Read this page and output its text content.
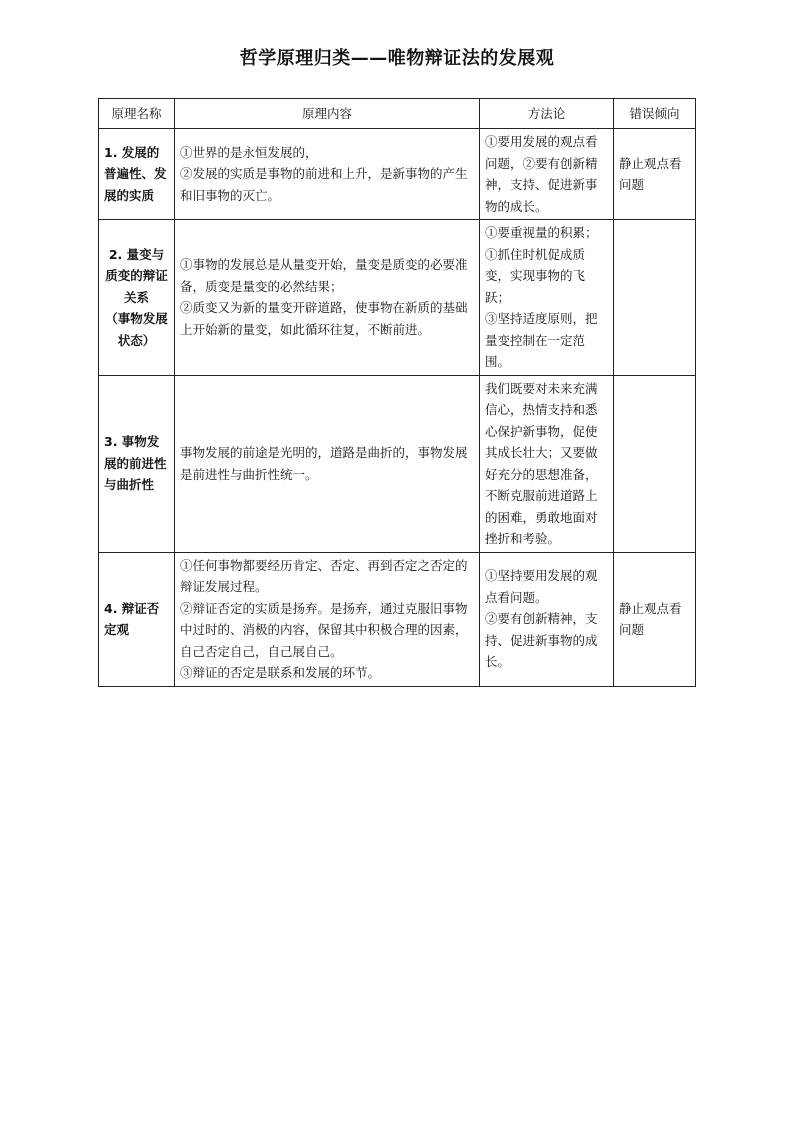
哲学原理归类——唯物辩证法的发展观
原理名称	原理内容	方法论	错误倾向
1. 发展的普遍性、发展的实质	①世界的是永恒发展的，
②发展的实质是事物的前进和上升，是新事物的产生和旧事物的灭亡。	①要用发展的观点看问题，②要有创新精神，支持、促进新事物的成长。	静止观点看问题
2. 量变与质变的辩证关系
（事物发展状态）	①事物的发展总是从量变开始，量变是质变的必要准备，质变是量变的必然结果；
②质变又为新的量变开辟道路，使事物在新质的基础上开始新的量变，如此循环往复，不断前进。	①要重视量的积累；
①抓住时机促成质变，实现事物的飞跃；
③坚持适度原则，把量变控制在一定范围。	
3. 事物发展的前进性与曲折性	事物发展的前途是光明的，道路是曲折的，事物发展是前进性与曲折性统一。	我们既要对未来充满信心，热情支持和悉心保护新事物，促使其成长壮大；又要做好充分的思想准备，不断克服前进道路上的困难，勇敢地面对挫折和考验。	
4. 辩证否定观	①任何事物都要经历肯定、否定、再到否定之否定的辩证发展过程。
②辩证否定的实质是扬弃。是扬弃，通过克服旧事物中过时的、消极的内容，保留其中积极合理的因素，自己否定自己，自己展自己。
③辩证的否定是联系和发展的环节。	①坚持要用发展的观点看问题。
②要有创新精神，支持、促进新事物的成长。	静止观点看问题
